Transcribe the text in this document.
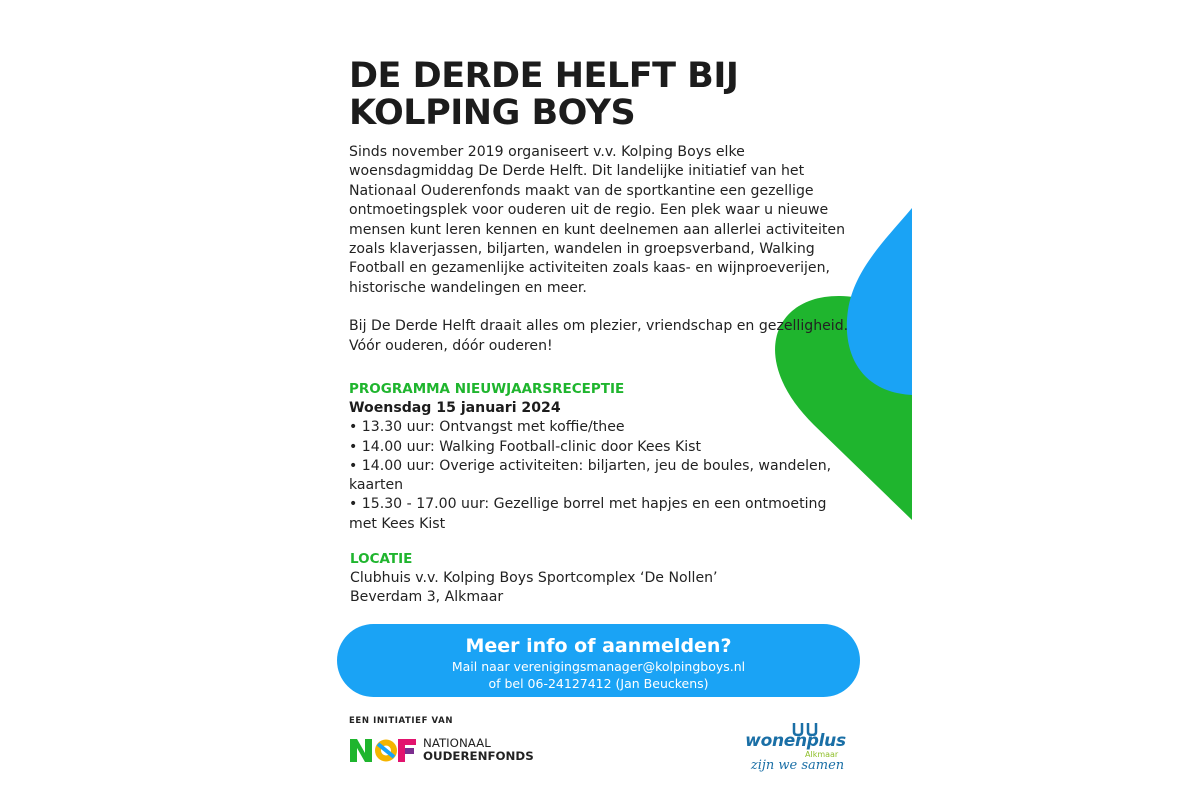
DE DERDE HELFT BIJ
KOLPING BOYS

Sinds november 2019 organiseert v.v. Kolping Boys elke woensdagmiddag De Derde Helft. Dit landelijke initiatief van het Nationaal Ouderenfonds maakt van de sportkantine een gezellige ontmoetingsplek voor ouderen uit de regio. Een plek waar u nieuwe mensen kunt leren kennen en kunt deelnemen aan allerlei activiteiten zoals klaverjassen, biljarten, wandelen in groepsverband, Walking Football en gezamenlijke activiteiten zoals kaas- en wijnproeverijen, historische wandelingen en meer.

Bij De Derde Helft draait alles om plezier, vriendschap en gezelligheid. Vóór ouderen, dóór ouderen!

PROGRAMMA NIEUWJAARSRECEPTIE
Woensdag 15 januari 2024
• 13.30 uur: Ontvangst met koffie/thee
• 14.00 uur: Walking Football-clinic door Kees Kist
• 14.00 uur: Overige activiteiten: biljarten, jeu de boules, wandelen, kaarten
• 15.30 - 17.00 uur: Gezellige borrel met hapjes en een ontmoeting met Kees Kist
LOCATIE
Clubhuis v.v. Kolping Boys Sportcomplex ‘De Nollen’
Beverdam 3, Alkmaar
Meer info of aanmelden?
Mail naar verenigingsmanager@kolpingboys.nl
of bel 06-24127412 (Jan Beuckens)
EEN INITIATIEF VAN
NATIONAAL
OUDERENFONDS
wonenplus
Alkmaar
zijn we samen
